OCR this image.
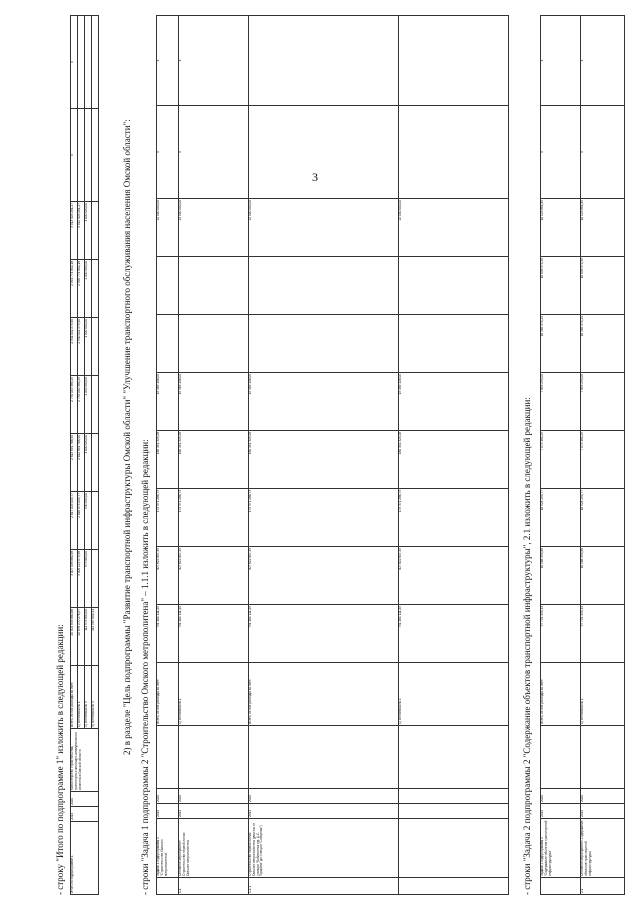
3
- строку "Итого по подпрограмме 1" изложить в следующей редакции: Итого по подпрограмме 1	2014	2020	Министерство строительства, транспорта и жилищно-коммунального комплекса Омской области	Всего, из них расходы за счет:	20 904 833 880,88	3 007 098 880,58	2 617 003 009,77	2 613 891 768,90	2 734 049 389,25	2 941 011 575,90	2 991 774 802,18	3 513 403 281,27	х	х
				1) источника № 1	20 678 270 276,57	3 006 123 079,58	2 616 073 009,77	2 612 891 768,90	2 733 040 389,25	2 940 011 575,90	2 990 774 802,18	3 512 403 281,27		
				2) источника № 3	111 975 800,00	975 800,00	930 000,00	1 000 000,00	1 009 000,00	1 000 000,00	1 000 000,00	1 000 000,00		
				3) источника № 4	114 587 604,31										2) в разделе "Цель подпрограммы "Развитие транспортной инфраструктуры Омской области" "Улучшение транспортного обслуживания населения Омской области": - строки "Задача 1 подпрограммы 2 "Строительство Омского метрополитена" – 1.1.1 изложить в следующей редакции:
	Задача 1 подпрограммы 2 "Строительство Омского метрополитена"	2014	2020		Всего, из них расходы за счет:	751 161 111,49	407 822 807,49	175 371 286,73	180 341 329,28	15 469 148,00			22 000 000,00	х	х
1.1	Основное мероприятие: Строительство первой линии Омского метрополитена	2014	2020		1) источника № 1	751 161 111,49	407 822 807,49	175 371 286,73	180 341 329,28	15 469 148,00			22 000 000,00	х	х
1.1.1	Строительство первой линии Омского метрополитена (участок от станции "Библиотека им. А.С. Пушкина" до станции "Соборная")	2014	2020		Всего, из них расходы за счет:	751 161 111,49	407 822 807,49	175 371 286,73	180 341 329,28	15 469 148,00			22 000 000,00		
					1) источника № 1	751 161 111,49	407 822 807,49	175 371 286,73	180 341 329,28	15 469 148,00			22 000 000,00		
- строки "Задача 2 подпрограммы 2 "Содержание объектов транспортной инфраструктуры", 2.1 изложить в следующей редакции:
		Задача 2 подпрограммы 2 "Содержание объектов транспортной инфраструктуры"	2014	2020		Всего, из них расходы за счет:	97 751 333,13	16 988 399,88	16 524 299,77	7 173 184,29	7 853 259,00	16 385 374,24	16 698 974,30	16 123 861,65	х	х
2.1	Основное мероприятие: Содержание объектов транспортной инфраструктуры	2014	2020		1) источника № 1	97 751 333,13	16 988 399,88	16 524 299,77	7 173 184,29	7 853 259,00	16 385 374,24	16 698 974,30	16 123 861,65	х	х
